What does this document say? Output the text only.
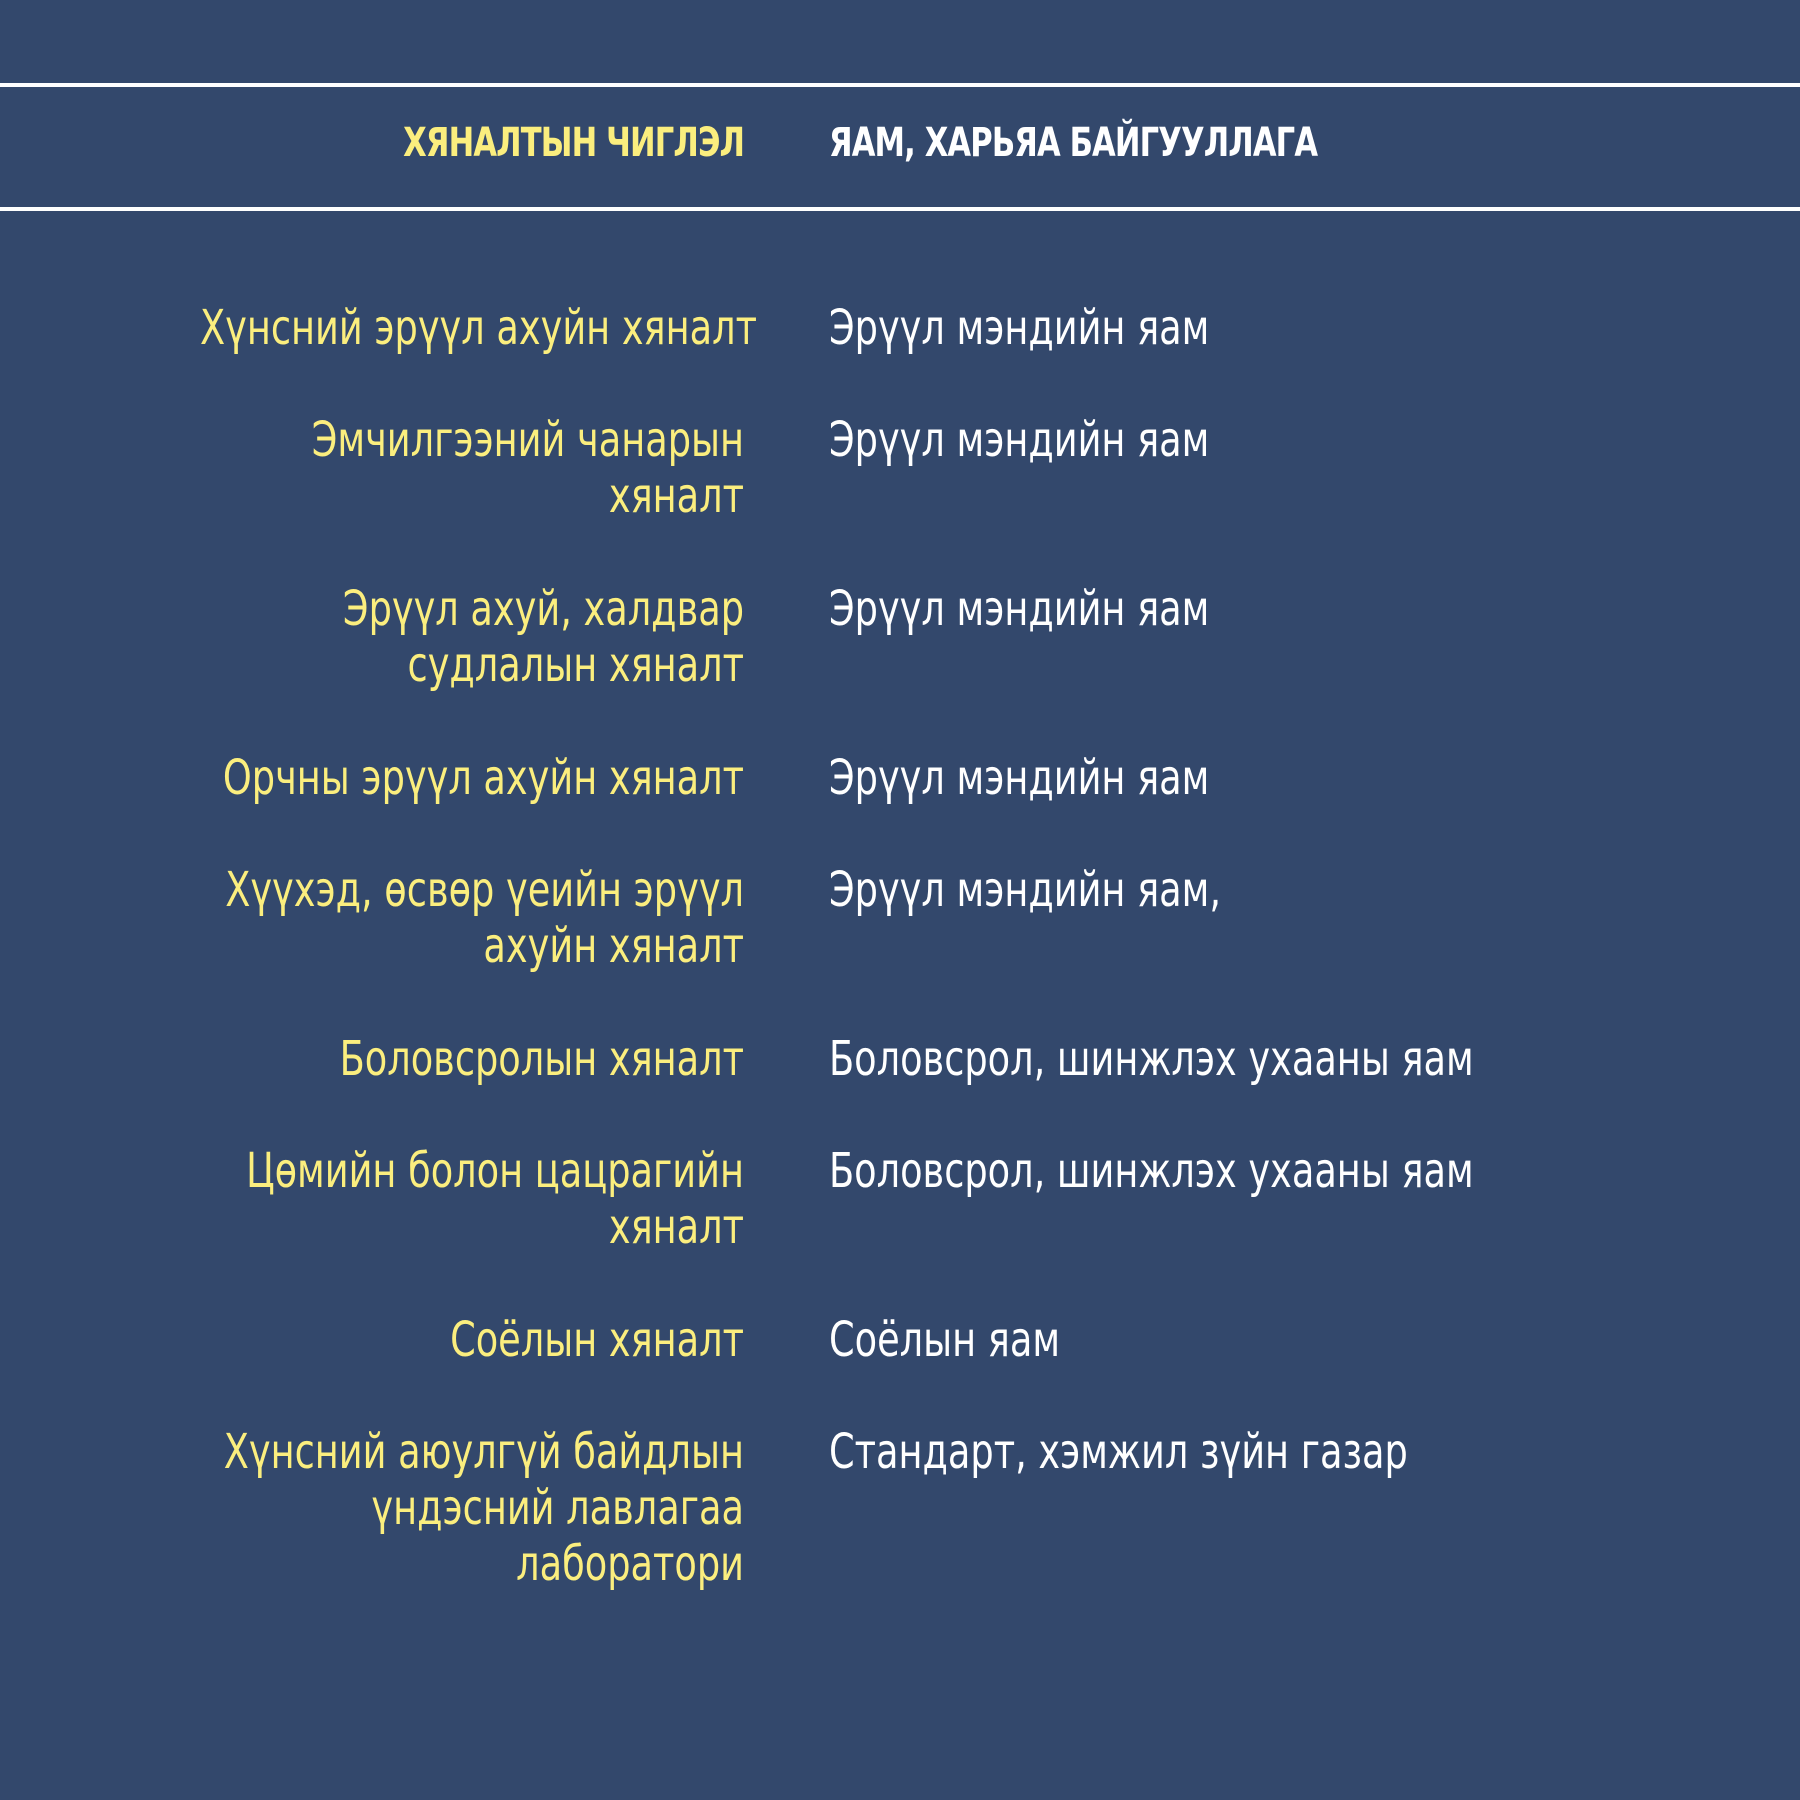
ХЯНАЛТЫН ЧИГЛЭЛ ЯАМ, ХАРЬЯА БАЙГУУЛЛАГА
Хүнсний эрүүл ахуйн хяналт Эрүүл мэндийн яам
Эмчилгээний чанарын
хяналт
Эрүүл мэндийн яам
Эрүүл ахуй, халдвар
судлалын хяналт
Эрүүл мэндийн яам
Орчны эрүүл ахуйн хяналт Эрүүл мэндийн яам
Хүүхэд, өсвөр үеийн эрүүл
ахуйн хяналт
Эрүүл мэндийн яам,
Боловсролын хяналт Боловсрол, шинжлэх ухааны яам
Цөмийн болон цацрагийн
хяналт
Боловсрол, шинжлэх ухааны яам
Соёлын хяналт Соёлын яам
Хүнсний аюулгүй байдлын
үндэсний лавлагаа
лаборатори
Стандарт, хэмжил зүйн газар
